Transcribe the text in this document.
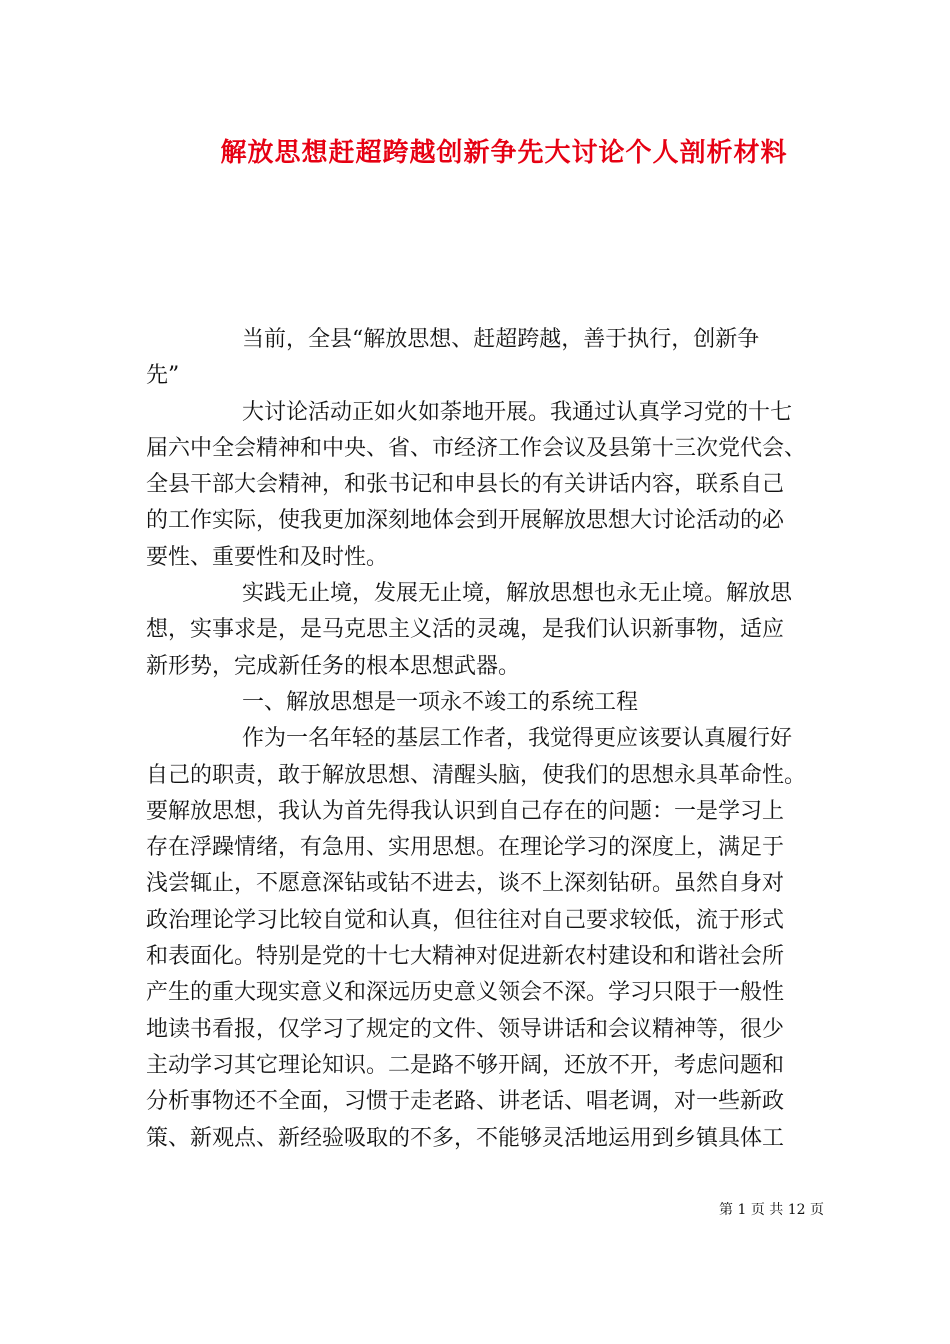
解放思想赶超跨越创新争先大讨论个人剖析材料
当前，全县“解放思想、赶超跨越，善于执行，创新争
先”
大讨论活动正如火如荼地开展。我通过认真学习党的十七
届六中全会精神和中央、省、市经济工作会议及县第十三次党代会、
全县干部大会精神，和张书记和申县长的有关讲话内容，联系自己
的工作实际，使我更加深刻地体会到开展解放思想大讨论活动的必
要性、重要性和及时性。
实践无止境，发展无止境，解放思想也永无止境。解放思
想，实事求是，是马克思主义活的灵魂，是我们认识新事物，适应
新形势，完成新任务的根本思想武器。
一、解放思想是一项永不竣工的系统工程
作为一名年轻的基层工作者，我觉得更应该要认真履行好
自己的职责，敢于解放思想、清醒头脑，使我们的思想永具革命性。
要解放思想，我认为首先得我认识到自己存在的问题：一是学习上
存在浮躁情绪，有急用、实用思想。在理论学习的深度上，满足于
浅尝辄止，不愿意深钻或钻不进去，谈不上深刻钻研。虽然自身对
政治理论学习比较自觉和认真，但往往对自己要求较低，流于形式
和表面化。特别是党的十七大精神对促进新农村建设和和谐社会所
产生的重大现实意义和深远历史意义领会不深。学习只限于一般性
地读书看报，仅学习了规定的文件、领导讲话和会议精神等，很少
主动学习其它理论知识。二是路不够开阔，还放不开，考虑问题和
分析事物还不全面，习惯于走老路、讲老话、唱老调，对一些新政
策、新观点、新经验吸取的不多，不能够灵活地运用到乡镇具体工
第 1 页 共 12 页
